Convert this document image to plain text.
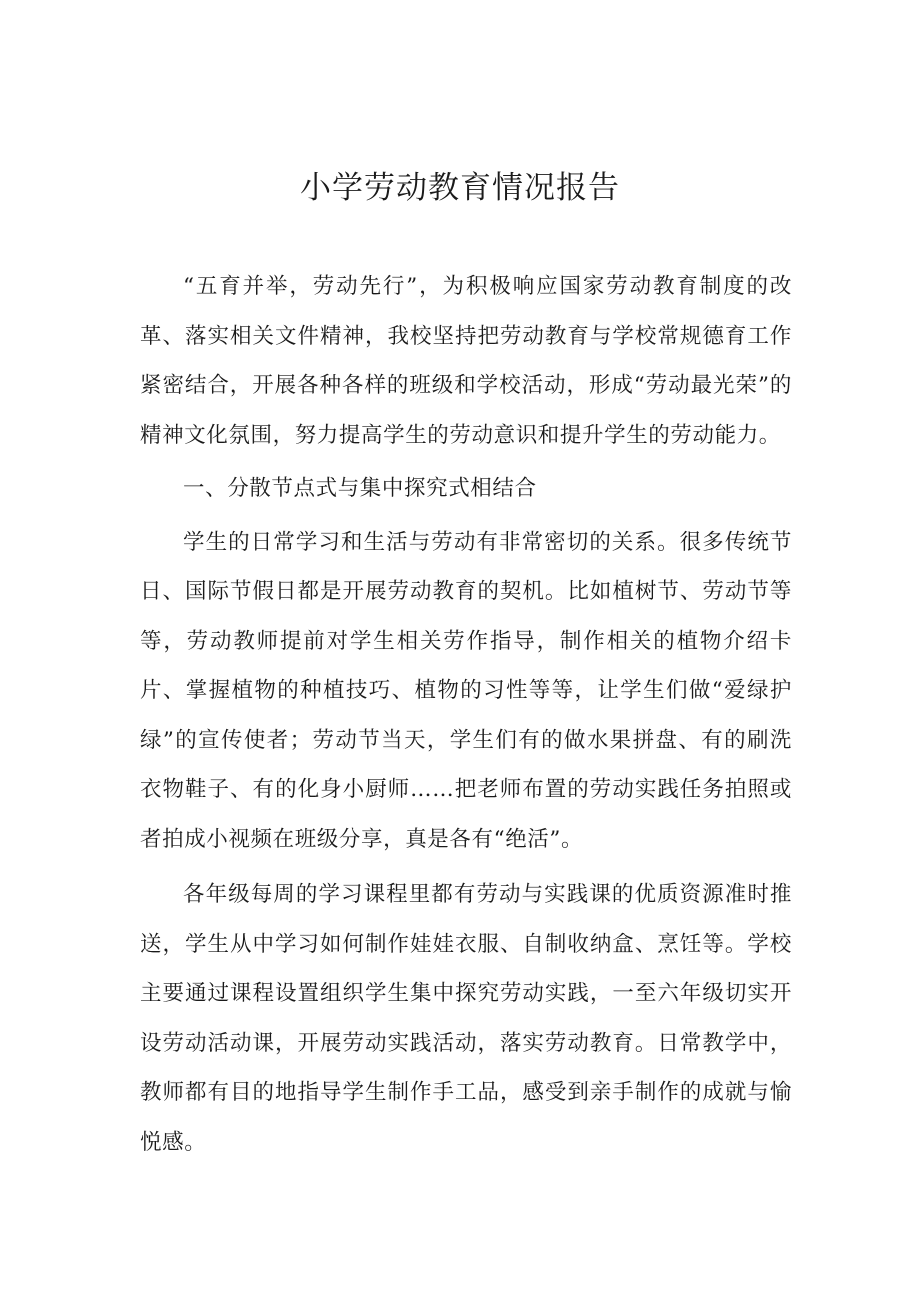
小学劳动教育情况报告

“五育并举，劳动先行”，为积极响应国家劳动教育制度的改革、落实相关文件精神，我校坚持把劳动教育与学校常规德育工作紧密结合，开展各种各样的班级和学校活动，形成“劳动最光荣”的精神文化氛围，努力提高学生的劳动意识和提升学生的劳动能力。

一、分散节点式与集中探究式相结合

学生的日常学习和生活与劳动有非常密切的关系。很多传统节日、国际节假日都是开展劳动教育的契机。比如植树节、劳动节等等，劳动教师提前对学生相关劳作指导，制作相关的植物介绍卡片、掌握植物的种植技巧、植物的习性等等，让学生们做“爱绿护绿”的宣传使者；劳动节当天，学生们有的做水果拼盘、有的刷洗衣物鞋子、有的化身小厨师……把老师布置的劳动实践任务拍照或者拍成小视频在班级分享，真是各有“绝活”。

各年级每周的学习课程里都有劳动与实践课的优质资源准时推送，学生从中学习如何制作娃娃衣服、自制收纳盒、烹饪等。学校主要通过课程设置组织学生集中探究劳动实践，一至六年级切实开设劳动活动课，开展劳动实践活动，落实劳动教育。日常教学中，教师都有目的地指导学生制作手工品，感受到亲手制作的成就与愉悦感。
